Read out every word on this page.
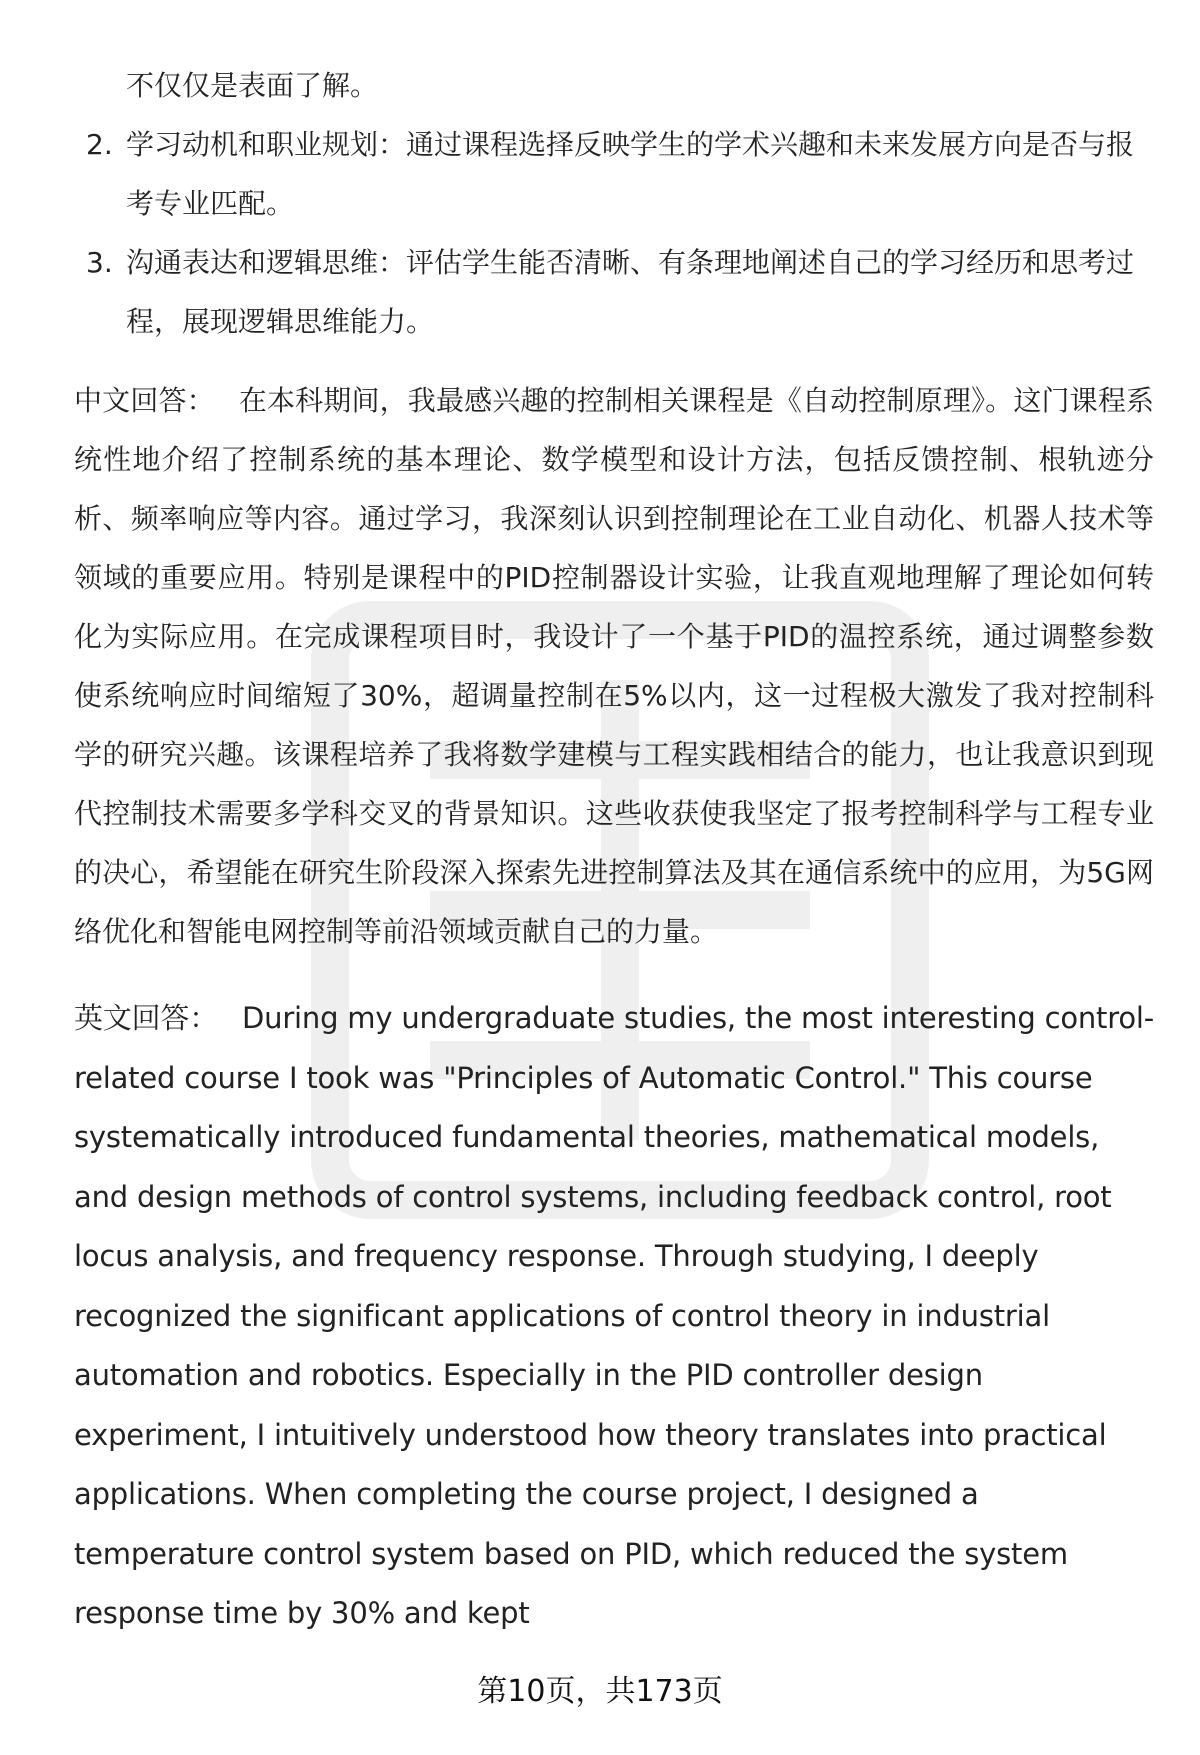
不仅仅是表面了解。

2. 学习动机和职业规划：通过课程选择反映学生的学术兴趣和未来发展方向是否与报考专业匹配。
3. 沟通表达和逻辑思维：评估学生能否清晰、有条理地阐述自己的学习经历和思考过程，展现逻辑思维能力。

中文回答： 在本科期间，我最感兴趣的控制相关课程是《自动控制原理》。这门课程系统性地介绍了控制系统的基本理论、数学模型和设计方法，包括反馈控制、根轨迹分析、频率响应等内容。通过学习，我深刻认识到控制理论在工业自动化、机器人技术等领域的重要应用。特别是课程中的PID控制器设计实验，让我直观地理解了理论如何转化为实际应用。在完成课程项目时，我设计了一个基于PID的温控系统，通过调整参数使系统响应时间缩短了30%，超调量控制在5%以内，这一过程极大激发了我对控制科学的研究兴趣。该课程培养了我将数学建模与工程实践相结合的能力，也让我意识到现代控制技术需要多学科交叉的背景知识。这些收获使我坚定了报考控制科学与工程专业的决心，希望能在研究生阶段深入探索先进控制算法及其在通信系统中的应用，为5G网络优化和智能电网控制等前沿领域贡献自己的力量。

英文回答： During my undergraduate studies, the most interesting control-related course I took was "Principles of Automatic Control." This course systematically introduced fundamental theories, mathematical models, and design methods of control systems, including feedback control, root locus analysis, and frequency response. Through studying, I deeply recognized the significant applications of control theory in industrial automation and robotics. Especially in the PID controller design experiment, I intuitively understood how theory translates into practical applications. When completing the course project, I designed a temperature control system based on PID, which reduced the system response time by 30% and kept

第10页，共173页
